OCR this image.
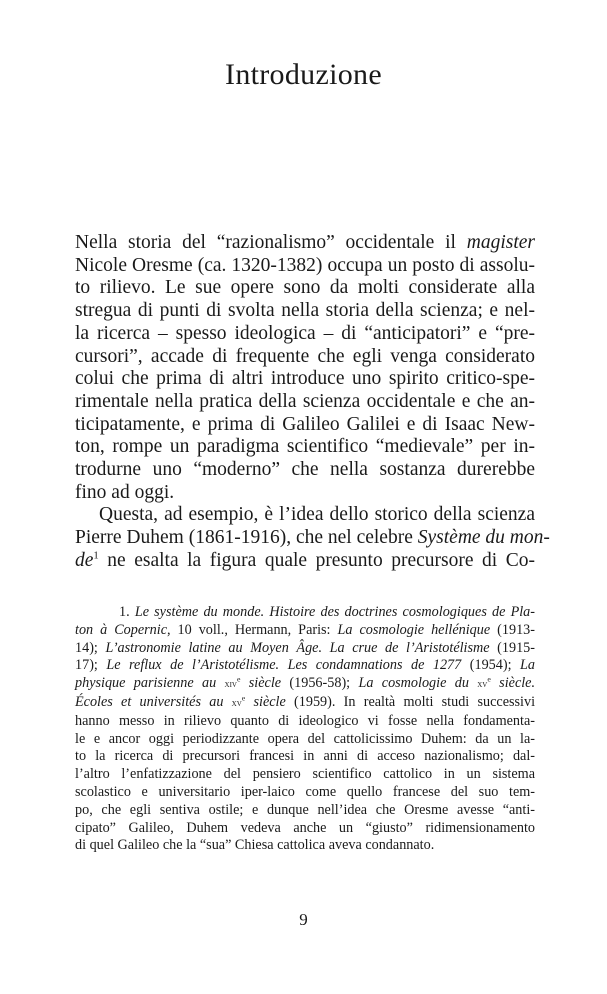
Introduzione
Nella storia del “razionalismo” occidentale il magister
Nicole Oresme (ca. 1320-1382) occupa un posto di assolu-
to rilievo. Le sue opere sono da molti considerate alla
stregua di punti di svolta nella storia della scienza; e nel-
la ricerca – spesso ideologica – di “anticipatori” e “pre-
cursori”, accade di frequente che egli venga considerato
colui che prima di altri introduce uno spirito critico-spe-
rimentale nella pratica della scienza occidentale e che an-
ticipatamente, e prima di Galileo Galilei e di Isaac New-
ton, rompe un paradigma scientifico “medievale” per in-
trodurne uno “moderno” che nella sostanza durerebbe
fino ad oggi.
Questa, ad esempio, è l’idea dello storico della scienza
Pierre Duhem (1861-1916), che nel celebre Système du mon-
$de^1$ ne esalta la figura quale presunto precursore di Co-
1. Le système du monde. Histoire des doctrines cosmologiques de Pla-
ton à Copernic, 10 voll., Hermann, Paris: La cosmologie hellénique (1913-
14); L’astronomie latine au Moyen Âge. La crue de l’Aristotélisme (1915-
17); Le reflux de l’Aristotélisme. Les condamnations de 1277 (1954); La
physique parisienne au xiv$^e$ siècle (1956-58); La cosmologie du $xv^e$ siècle.
Écoles et universités au $xv^e$ siècle (1959). In realtà molti studi successivi
hanno messo in rilievo quanto di ideologico vi fosse nella fondamenta-
le e ancor oggi periodizzante opera del cattolicissimo Duhem: da un la-
to la ricerca di precursori francesi in anni di acceso nazionalismo; dal-
l’altro l’enfatizzazione del pensiero scientifico cattolico in un sistema
scolastico e universitario iper-laico come quello francese del suo tem-
po, che egli sentiva ostile; e dunque nell’idea che Oresme avesse “anti-
cipato” Galileo, Duhem vedeva anche un “giusto” ridimensionamento
di quel Galileo che la “sua” Chiesa cattolica aveva condannato.
9
